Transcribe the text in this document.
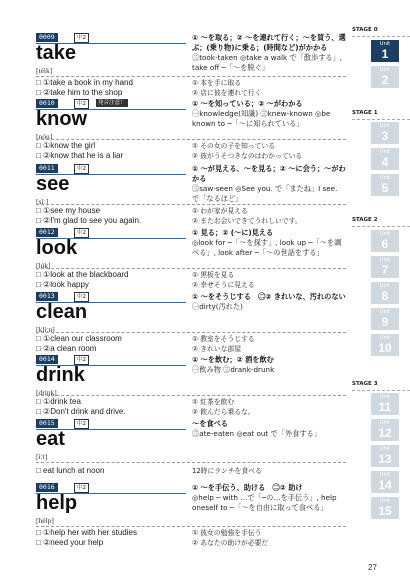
0009	中2
take
[téik]
① 〜を取る；② 〜を連れて行く；〜を買う、選ぶ；(乗り物)に乗る；(時間など)がかかる
㊂took-taken ◎take a walk で「散歩する」, take off ─「〜を脱ぐ」
□ ①take a book in my hand	① 本を手に取る
□ ②take him to the shop	② 店に彼を連れて行く
0010	中2	発音注意！
know
[nóu]
① 〜を知っている；② 〜がわかる
㊀knowledge(知識) ㊂knew-known ◎be known to ─「〜に知られている」
□ ①know the girl	① その女の子を知っている
□ ②know that he is a liar	② 彼がうそつきなのはわかっている
0011	中2
see
[síː]
① 〜が見える、〜を見る；② 〜に会う；〜がわかる
㊂saw-seen ◎See you. で「またね」I see. で「なるほど」
□ ①see my house	① わが家が見える
□ ②I'm glad to see you again.	② またお会いできてうれしいです。
0012	中2
look
[lúk]
① 見る；② (〜に)見える
◎look for ─「〜を探す」, look up ─「〜を調べる」, look after ─「〜の世話をする」
□ ①look at the blackboard	① 黒板を見る
□ ②look happy	② 幸せそうに見える
0013	中2
clean
[klíːn]
① 〜をそうじする　㊁② きれいな、汚れのない
㊀dirty(汚れた)
□ ①clean our classroom	① 教室をそうじする
□ ②a clean room	② きれいな部屋
0014	中2
drink
[dríŋk]
① 〜を飲む；② 酒を飲む
㊀飲み物 ㊂drank-drunk
□ ①drink tea	① 紅茶を飲む
□ ②Don't drink and drive.	② 飲んだら乗るな。
0015	中2
eat
[íːt]
〜を食べる
㊂ate-eaten ◎eat out で「外食する」
□ eat lunch at noon	12時にランチを食べる
0016	中2
help
[hélp]
① 〜を手伝う、助ける　㊁② 助け
◎help ─ with …で「─の…を手伝う」, help oneself to ─「〜を自由に取って食べる」
□ ①help her with her studies	① 彼女の勉強を手伝う
□ ②need your help	② あなたの助けが必要だ
STAGE 0
Unit
1
Unit
2
STAGE 1
Unit
3
Unit
4
Unit
5
STAGE 2
Unit
6
Unit
7
Unit
8
Unit
9
Unit
10
STAGE 3
Unit
11
Unit
12
Unit
13
Unit
14
Unit
15
27
